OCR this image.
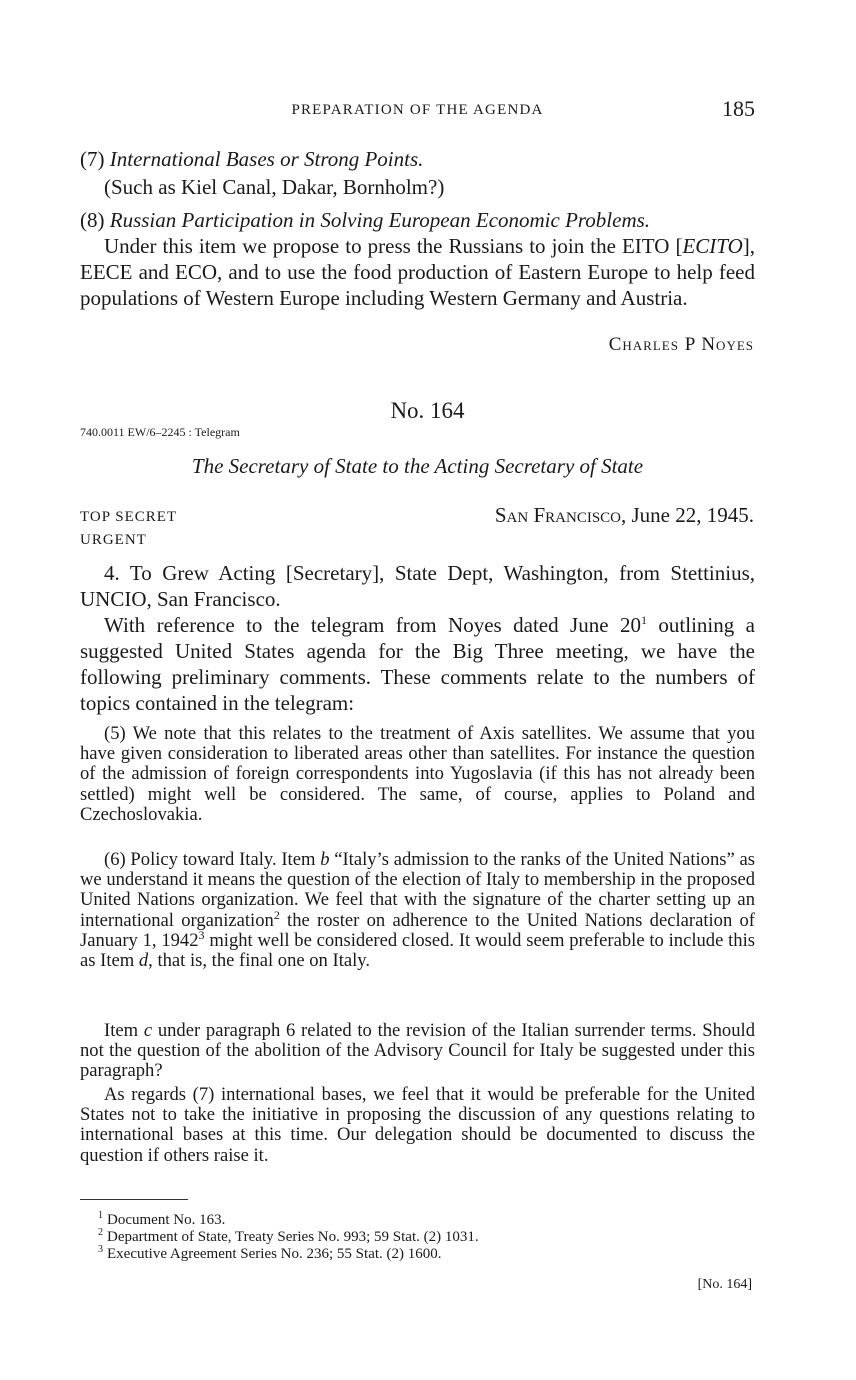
PREPARATION OF THE AGENDA	185
(7) International Bases or Strong Points.
(Such as Kiel Canal, Dakar, Bornholm?)
(8) Russian Participation in Solving European Economic Problems.
Under this item we propose to press the Russians to join the EITO [ECITO], EECE and ECO, and to use the food production of Eastern Europe to help feed populations of Western Europe including Western Germany and Austria.
Charles P Noyes
No. 164
740.0011 EW/6–2245 : Telegram
The Secretary of State to the Acting Secretary of State
TOP SECRET
URGENT
San Francisco, June 22, 1945.
4. To Grew Acting [Secretary], State Dept, Washington, from Stettinius, UNCIO, San Francisco.
With reference to the telegram from Noyes dated June $20^1$ outlining a suggested United States agenda for the Big Three meeting, we have the following preliminary comments. These comments relate to the numbers of topics contained in the telegram:
(5) We note that this relates to the treatment of Axis satellites. We assume that you have given consideration to liberated areas other than satellites. For instance the question of the admission of foreign correspondents into Yugoslavia (if this has not already been settled) might well be considered. The same, of course, applies to Poland and Czechoslovakia.
(6) Policy toward Italy. Item b “Italy’s admission to the ranks of the United Nations” as we understand it means the question of the election of Italy to membership in the proposed United Nations organization. We feel that with the signature of the charter setting up an international organization$^2$ the roster on adherence to the United Nations declaration of January 1, 1942$^3$ might well be considered closed. It would seem preferable to include this as Item d, that is, the final one on Italy.
Item c under paragraph 6 related to the revision of the Italian surrender terms. Should not the question of the abolition of the Advisory Council for Italy be suggested under this paragraph?
As regards (7) international bases, we feel that it would be preferable for the United States not to take the initiative in proposing the discussion of any questions relating to international bases at this time. Our delegation should be documented to discuss the question if others raise it.
$^1$ Document No. 163.
$^2$ Department of State, Treaty Series No. 993; 59 Stat. (2) 1031.
$^3$ Executive Agreement Series No. 236; 55 Stat. (2) 1600.
[No. 164]
